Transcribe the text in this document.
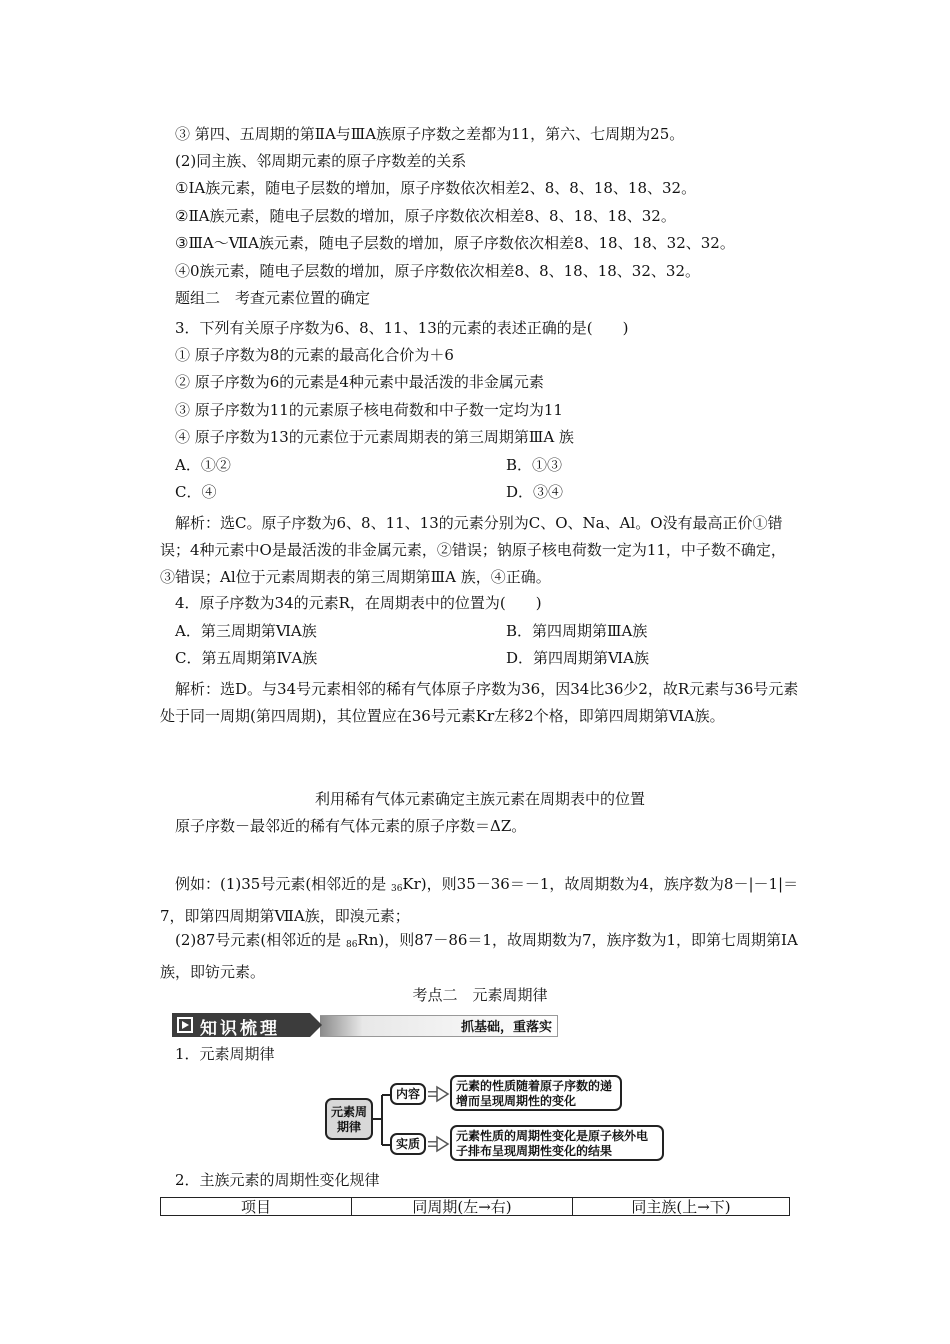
③ 第四、五周期的第ⅡA与ⅢA族原子序数之差都为11，第六、七周期为25。
(2)同主族、邻周期元素的原子序数差的关系
①ⅠA族元素，随电子层数的增加，原子序数依次相差2、8、8、18、18、32。
②ⅡA族元素，随电子层数的增加，原子序数依次相差8、8、18、18、32。
③ⅢA～ⅦA族元素，随电子层数的增加，原子序数依次相差8、18、18、32、32。
④0族元素，随电子层数的增加，原子序数依次相差8、8、18、18、32、32。
题组二　考查元素位置的确定
3．下列有关原子序数为6、8、11、13的元素的表述正确的是(　　)
① 原子序数为8的元素的最高化合价为＋6
② 原子序数为6的元素是4种元素中最活泼的非金属元素
③ 原子序数为11的元素原子核电荷数和中子数一定均为11
④ 原子序数为13的元素位于元素周期表的第三周期第ⅢA 族
A．①②	B．①③
C．④	D．③④
解析：选C。原子序数为6、8、11、13的元素分别为C、O、Na、Al。O没有最高正价①错误；4种元素中O是最活泼的非金属元素，②错误；钠原子核电荷数一定为11，中子数不确定，③错误；Al位于元素周期表的第三周期第ⅢA 族，④正确。
4．原子序数为34的元素R，在周期表中的位置为(　　)
A．第三周期第ⅥA族	B．第四周期第ⅢA族
C．第五周期第ⅣA族	D．第四周期第ⅥA族
解析：选D。与34号元素相邻的稀有气体原子序数为36，因34比36少2，故R元素与36号元素处于同一周期(第四周期)，其位置应在36号元素Kr左移2个格，即第四周期第ⅥA族。
利用稀有气体元素确定主族元素在周期表中的位置
原子序数－最邻近的稀有气体元素的原子序数＝ΔZ。
例如：(1)35号元素(相邻近的是 $_{36}$Kr)，则35－36＝－1，故周期数为4，族序数为8－|－1|＝7，即第四周期第ⅦA族，即溴元素；
(2)87号元素(相邻近的是 $_{86}$Rn)，则87－86＝1，故周期数为7，族序数为1，即第七周期第ⅠA族，即钫元素。
考点二　元素周期律
知识梳理	抓基础，重落实
1．元素周期律
元素周
期律
内容
实质
元素的性质随着原子序数的递增而呈现周期性的变化
元素性质的周期性变化是原子核外电子排布呈现周期性变化的结果
2．主族元素的周期性变化规律
项目	同周期(左→右)	同主族(上→下)
